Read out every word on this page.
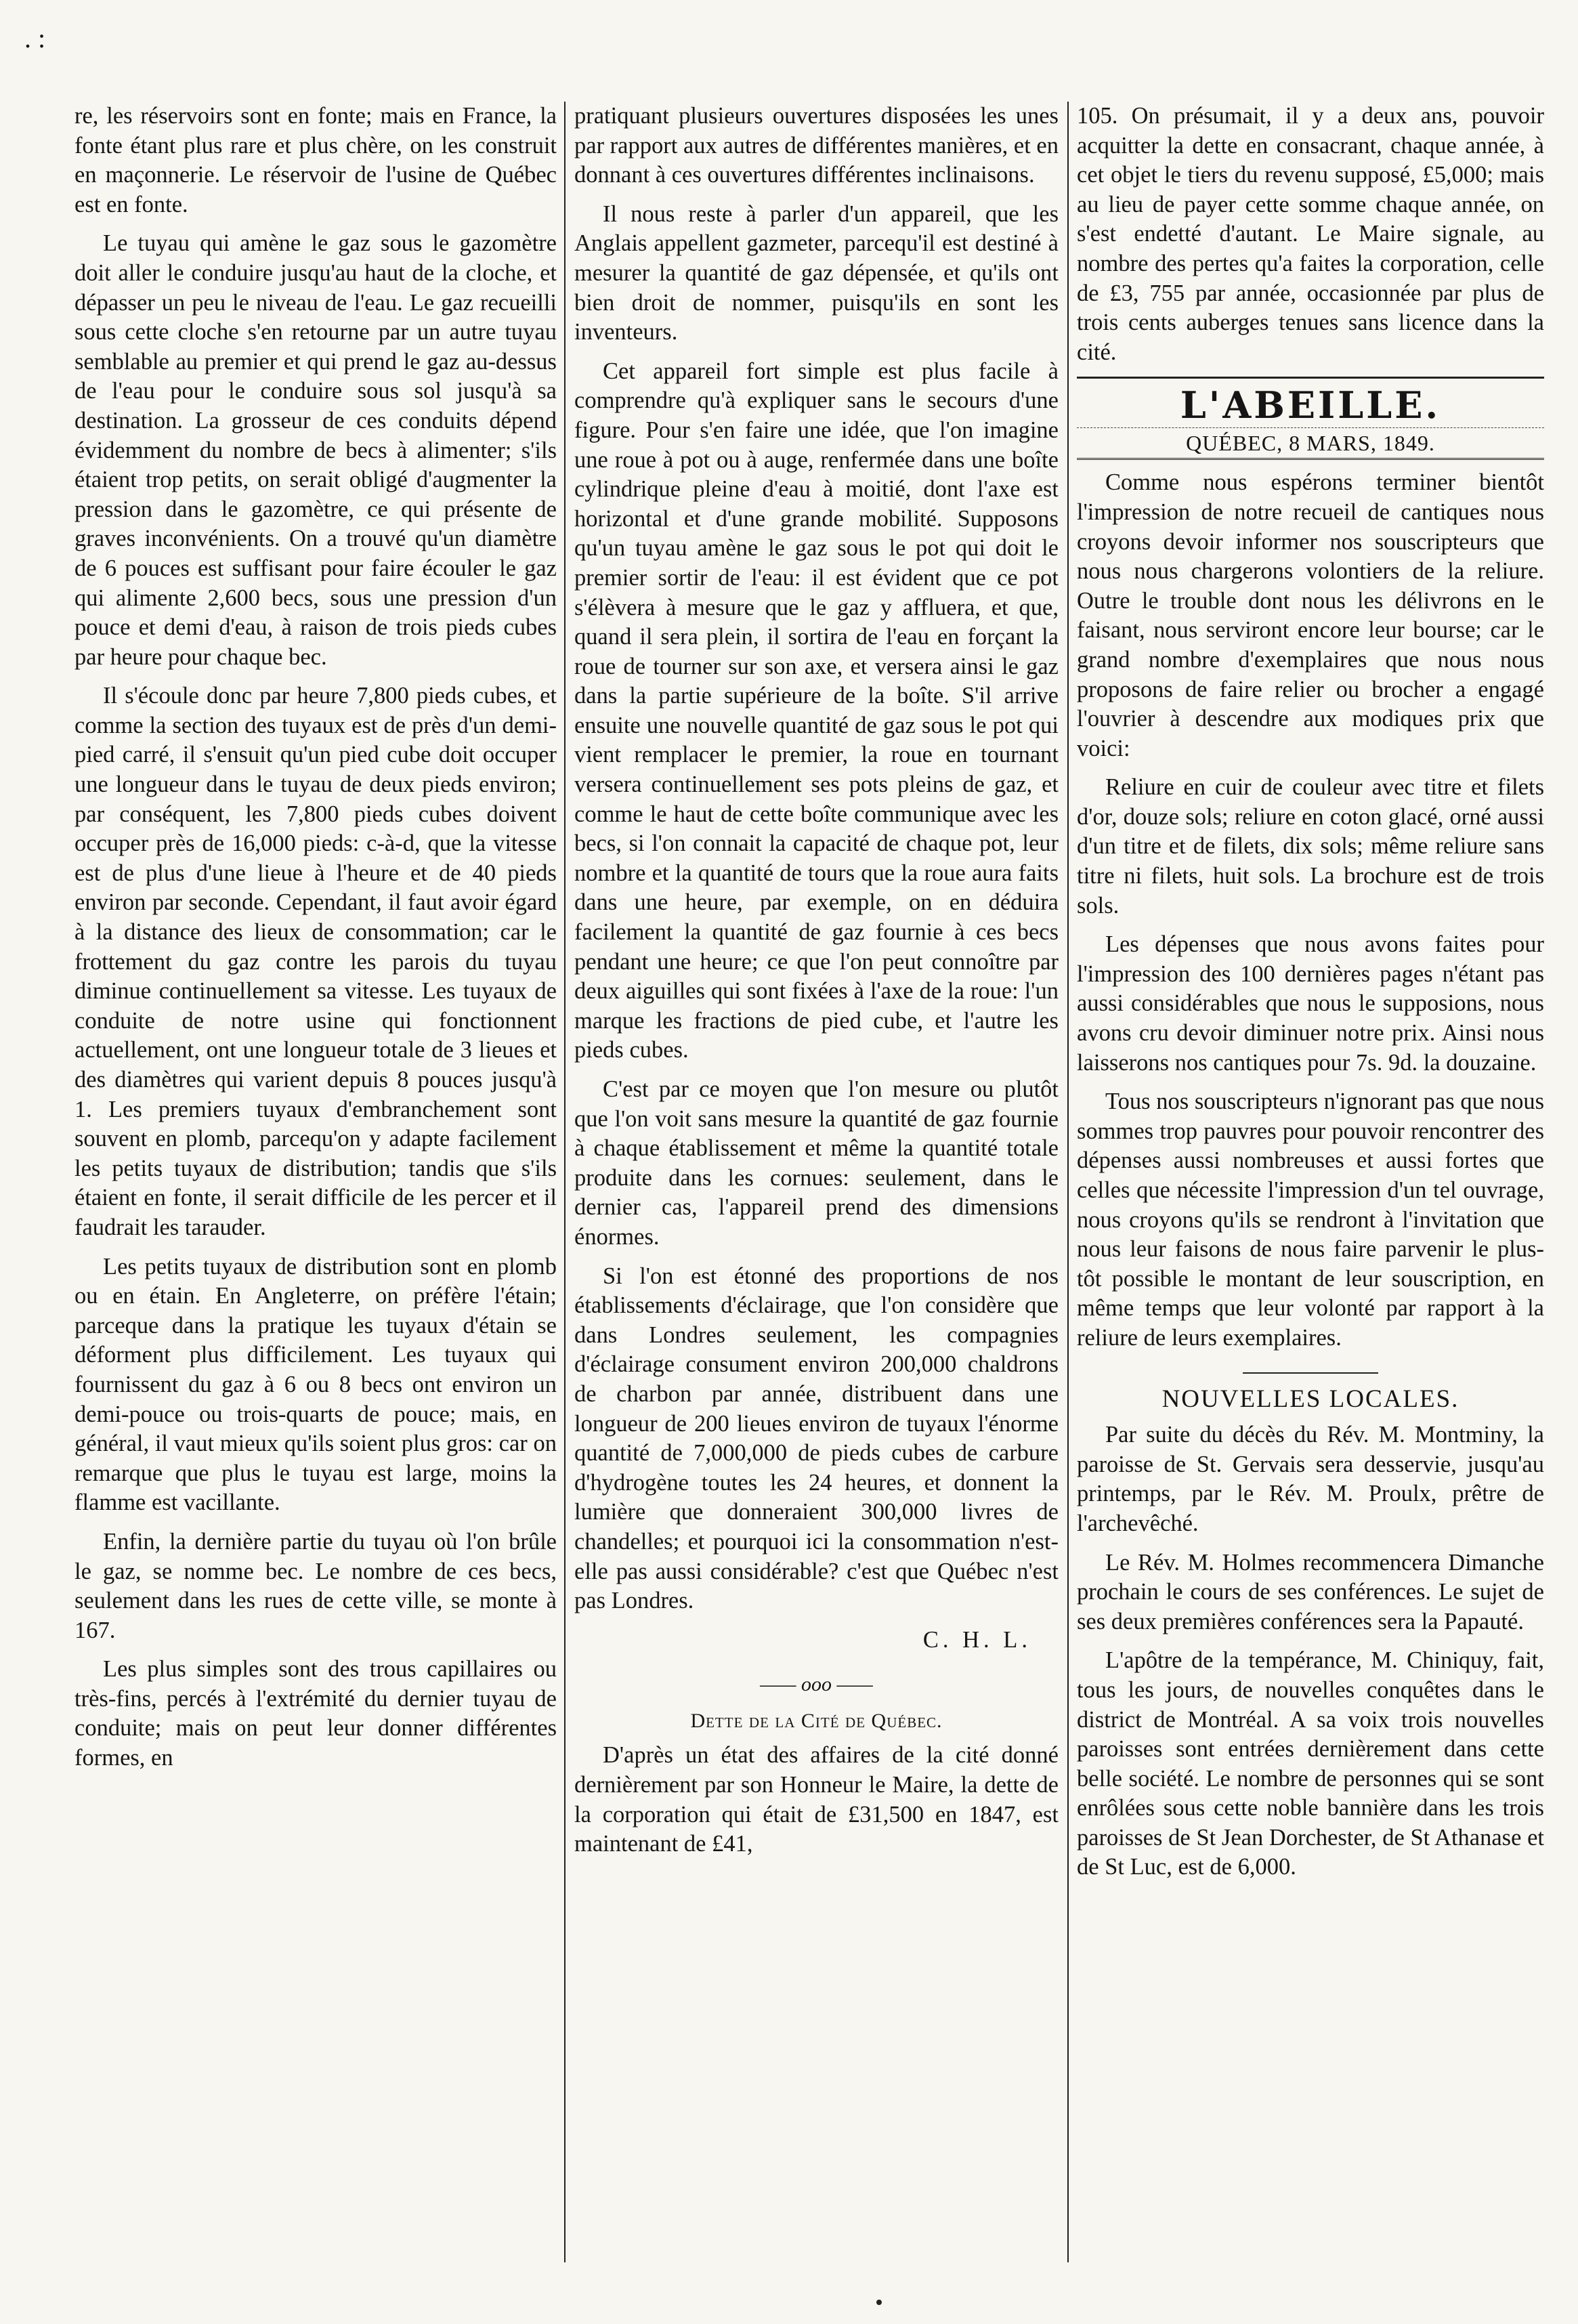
. :

re, les réservoirs sont en fonte; mais en France, la fonte étant plus rare et plus chère, on les construit en maçonnerie. Le réservoir de l'usine de Québec est en fonte.

Le tuyau qui amène le gaz sous le gazomètre doit aller le conduire jusqu'au haut de la cloche, et dépasser un peu le niveau de l'eau. Le gaz recueilli sous cette cloche s'en retourne par un autre tuyau semblable au premier et qui prend le gaz au-dessus de l'eau pour le conduire sous sol jusqu'à sa destination. La grosseur de ces conduits dépend évidemment du nombre de becs à alimenter; s'ils étaient trop petits, on serait obligé d'augmenter la pression dans le gazomètre, ce qui présente de graves inconvénients. On a trouvé qu'un diamètre de 6 pouces est suffisant pour faire écouler le gaz qui alimente 2,600 becs, sous une pression d'un pouce et demi d'eau, à raison de trois pieds cubes par heure pour chaque bec.

Il s'écoule donc par heure 7,800 pieds cubes, et comme la section des tuyaux est de près d'un demi-pied carré, il s'ensuit qu'un pied cube doit occuper une longueur dans le tuyau de deux pieds environ; par conséquent, les 7,800 pieds cubes doivent occuper près de 16,000 pieds: c-à-d, que la vitesse est de plus d'une lieue à l'heure et de 40 pieds environ par seconde. Cependant, il faut avoir égard à la distance des lieux de consommation; car le frottement du gaz contre les parois du tuyau diminue continuellement sa vitesse. Les tuyaux de conduite de notre usine qui fonctionnent actuellement, ont une longueur totale de 3 lieues et des diamètres qui varient depuis 8 pouces jusqu'à 1. Les premiers tuyaux d'embranchement sont souvent en plomb, parcequ'on y adapte facilement les petits tuyaux de distribution; tandis que s'ils étaient en fonte, il serait difficile de les percer et il faudrait les tarauder.

Les petits tuyaux de distribution sont en plomb ou en étain. En Angleterre, on préfère l'étain; parceque dans la pratique les tuyaux d'étain se déforment plus difficilement. Les tuyaux qui fournissent du gaz à 6 ou 8 becs ont environ un demi-pouce ou trois-quarts de pouce; mais, en général, il vaut mieux qu'ils soient plus gros: car on remarque que plus le tuyau est large, moins la flamme est vacillante.

Enfin, la dernière partie du tuyau où l'on brûle le gaz, se nomme bec. Le nombre de ces becs, seulement dans les rues de cette ville, se monte à 167.

Les plus simples sont des trous capillaires ou très-fins, percés à l'extrémité du dernier tuyau de conduite; mais on peut leur donner différentes formes, en

pratiquant plusieurs ouvertures disposées les unes par rapport aux autres de différentes manières, et en donnant à ces ouvertures différentes inclinaisons.

Il nous reste à parler d'un appareil, que les Anglais appellent gazmeter, parcequ'il est destiné à mesurer la quantité de gaz dépensée, et qu'ils ont bien droit de nommer, puisqu'ils en sont les inventeurs.

Cet appareil fort simple est plus facile à comprendre qu'à expliquer sans le secours d'une figure. Pour s'en faire une idée, que l'on imagine une roue à pot ou à auge, renfermée dans une boîte cylindrique pleine d'eau à moitié, dont l'axe est horizontal et d'une grande mobilité. Supposons qu'un tuyau amène le gaz sous le pot qui doit le premier sortir de l'eau: il est évident que ce pot s'élèvera à mesure que le gaz y affluera, et que, quand il sera plein, il sortira de l'eau en forçant la roue de tourner sur son axe, et versera ainsi le gaz dans la partie supérieure de la boîte. S'il arrive ensuite une nouvelle quantité de gaz sous le pot qui vient remplacer le premier, la roue en tournant versera continuellement ses pots pleins de gaz, et comme le haut de cette boîte communique avec les becs, si l'on connait la capacité de chaque pot, leur nombre et la quantité de tours que la roue aura faits dans une heure, par exemple, on en déduira facilement la quantité de gaz fournie à ces becs pendant une heure; ce que l'on peut connoître par deux aiguilles qui sont fixées à l'axe de la roue: l'un marque les fractions de pied cube, et l'autre les pieds cubes.

C'est par ce moyen que l'on mesure ou plutôt que l'on voit sans mesure la quantité de gaz fournie à chaque établissement et même la quantité totale produite dans les cornues: seulement, dans le dernier cas, l'appareil prend des dimensions énormes.

Si l'on est étonné des proportions de nos établissements d'éclairage, que l'on considère que dans Londres seulement, les compagnies d'éclairage consument environ 200,000 chaldrons de charbon par année, distribuent dans une longueur de 200 lieues environ de tuyaux l'énorme quantité de 7,000,000 de pieds cubes de carbure d'hydrogène toutes les 24 heures, et donnent la lumière que donneraient 300,000 livres de chandelles; et pourquoi ici la consommation n'est-elle pas aussi considérable? c'est que Québec n'est pas Londres.

C. H. L.
—— ooo ——
Dette de la Cité de Québec.

D'après un état des affaires de la cité donné dernièrement par son Honneur le Maire, la dette de la corporation qui était de £31,500 en 1847, est maintenant de £41,

105. On présumait, il y a deux ans, pouvoir acquitter la dette en consacrant, chaque année, à cet objet le tiers du revenu supposé, £5,000; mais au lieu de payer cette somme chaque année, on s'est endetté d'autant. Le Maire signale, au nombre des pertes qu'a faites la corporation, celle de £3, 755 par année, occasionnée par plus de trois cents auberges tenues sans licence dans la cité.

L'ABEILLE.
QUÉBEC, 8 MARS, 1849.

Comme nous espérons terminer bientôt l'impression de notre recueil de cantiques nous croyons devoir informer nos souscripteurs que nous nous chargerons volontiers de la reliure. Outre le trouble dont nous les délivrons en le faisant, nous serviront encore leur bourse; car le grand nombre d'exemplaires que nous nous proposons de faire relier ou brocher a engagé l'ouvrier à descendre aux modiques prix que voici:

Reliure en cuir de couleur avec titre et filets d'or, douze sols; reliure en coton glacé, orné aussi d'un titre et de filets, dix sols; même reliure sans titre ni filets, huit sols. La brochure est de trois sols.

Les dépenses que nous avons faites pour l'impression des 100 dernières pages n'étant pas aussi considérables que nous le supposions, nous avons cru devoir diminuer notre prix. Ainsi nous laisserons nos cantiques pour 7s. 9d. la douzaine.

Tous nos souscripteurs n'ignorant pas que nous sommes trop pauvres pour pouvoir rencontrer des dépenses aussi nombreuses et aussi fortes que celles que nécessite l'impression d'un tel ouvrage, nous croyons qu'ils se rendront à l'invitation que nous leur faisons de nous faire parvenir le plus-tôt possible le montant de leur souscription, en même temps que leur volonté par rapport à la reliure de leurs exemplaires.

NOUVELLES LOCALES.

Par suite du décès du Rév. M. Montminy, la paroisse de St. Gervais sera desservie, jusqu'au printemps, par le Rév. M. Proulx, prêtre de l'archevêché.

Le Rév. M. Holmes recommencera Dimanche prochain le cours de ses conférences. Le sujet de ses deux premières conférences sera la Papauté.

L'apôtre de la tempérance, M. Chiniquy, fait, tous les jours, de nouvelles conquêtes dans le district de Montréal. A sa voix trois nouvelles paroisses sont entrées dernièrement dans cette belle société. Le nombre de personnes qui se sont enrôlées sous cette noble bannière dans les trois paroisses de St Jean Dorchester, de St Athanase et de St Luc, est de 6,000.
